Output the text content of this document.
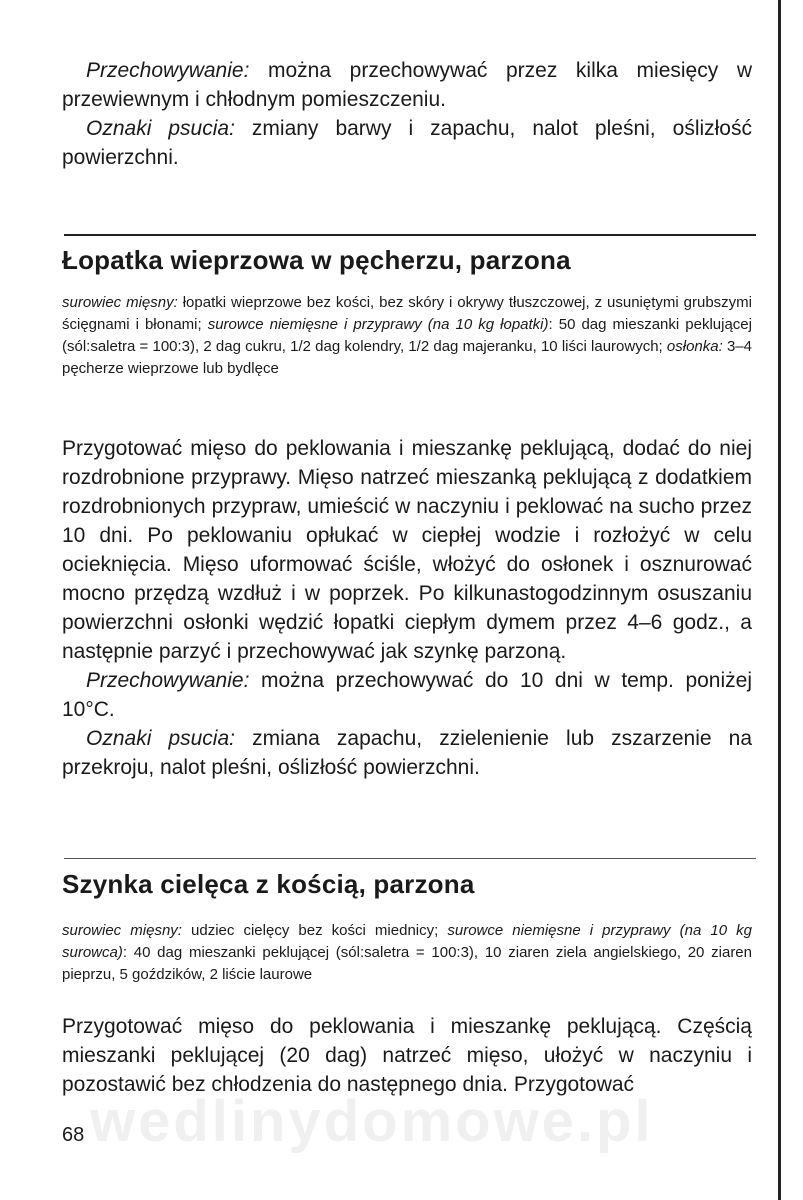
Przechowywanie: można przechowywać przez kilka miesięcy w przewiewnym i chłodnym pomieszczeniu.

Oznaki psucia: zmiany barwy i zapachu, nalot pleśni, oślizłość powierzchni.

Łopatka wieprzowa w pęcherzu, parzona

surowiec mięsny: łopatki wieprzowe bez kości, bez skóry i okrywy tłuszczowej, z usuniętymi grubszymi ścięgnami i błonami; surowce niemięsne i przyprawy (na 10 kg łopatki): 50 dag mieszanki peklującej (sól:saletra = 100:3), 2 dag cukru, 1/2 dag kolendry, 1/2 dag majeranku, 10 liści laurowych; osłonka: 3–4 pęcherze wieprzowe lub bydlęce

Przygotować mięso do peklowania i mieszankę peklującą, dodać do niej rozdrobnione przyprawy. Mięso natrzeć mieszanką peklującą z dodatkiem rozdrobnionych przypraw, umieścić w naczyniu i peklować na sucho przez 10 dni. Po peklowaniu opłukać w ciepłej wodzie i rozłożyć w celu ocieknięcia. Mięso uformować ściśle, włożyć do osłonek i osznurować mocno przędzą wzdłuż i w poprzek. Po kilkunastogodzinnym osuszaniu powierzchni osłonki wędzić łopatki ciepłym dymem przez 4–6 godz., a następnie parzyć i przechowywać jak szynkę parzoną.

Przechowywanie: można przechowywać do 10 dni w temp. poniżej 10°C.

Oznaki psucia: zmiana zapachu, zzielenienie lub zszarzenie na przekroju, nalot pleśni, oślizłość powierzchni.

Szynka cielęca z kością, parzona

surowiec mięsny: udziec cielęcy bez kości miednicy; surowce niemięsne i przyprawy (na 10 kg surowca): 40 dag mieszanki peklującej (sól:saletra = 100:3), 10 ziaren ziela angielskiego, 20 ziaren pieprzu, 5 goździków, 2 liście laurowe

Przygotować mięso do peklowania i mieszankę peklującą. Częścią mieszanki peklującej (20 dag) natrzeć mięso, ułożyć w naczyniu i pozostawić bez chłodzenia do następnego dnia. Przygotować

wedlinydomowe.pl
68
